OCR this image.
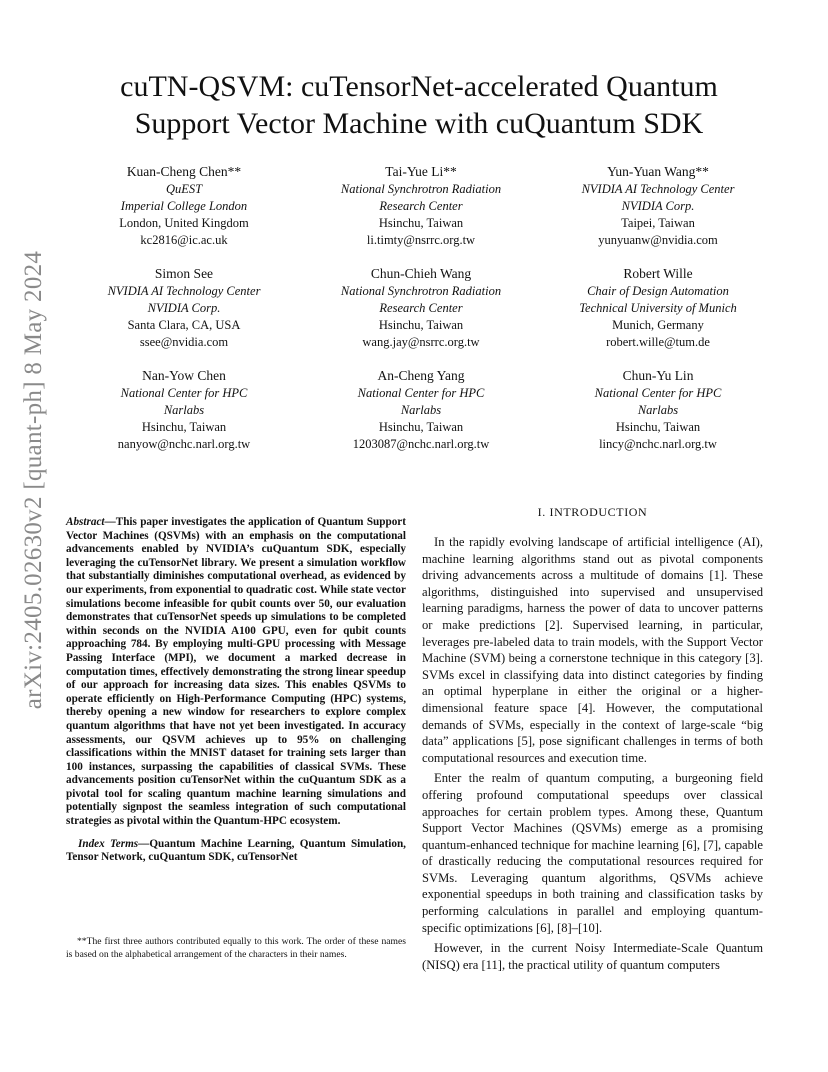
arXiv:2405.02630v2 [quant-ph] 8 May 2024
cuTN-QSVM: cuTensorNet-accelerated Quantum
Support Vector Machine with cuQuantum SDK
Kuan-Cheng Chen**
QuEST
Imperial College London
London, United Kingdom
kc2816@ic.ac.uk
Tai-Yue Li**
National Synchrotron Radiation
Research Center
Hsinchu, Taiwan
li.timty@nsrrc.org.tw
Yun-Yuan Wang**
NVIDIA AI Technology Center
NVIDIA Corp.
Taipei, Taiwan
yunyuanw@nvidia.com
Simon See
NVIDIA AI Technology Center
NVIDIA Corp.
Santa Clara, CA, USA
ssee@nvidia.com
Chun-Chieh Wang
National Synchrotron Radiation
Research Center
Hsinchu, Taiwan
wang.jay@nsrrc.org.tw
Robert Wille
Chair of Design Automation
Technical University of Munich
Munich, Germany
robert.wille@tum.de
Nan-Yow Chen
National Center for HPC
Narlabs
Hsinchu, Taiwan
nanyow@nchc.narl.org.tw
An-Cheng Yang
National Center for HPC
Narlabs
Hsinchu, Taiwan
1203087@nchc.narl.org.tw
Chun-Yu Lin
National Center for HPC
Narlabs
Hsinchu, Taiwan
lincy@nchc.narl.org.tw

Abstract—This paper investigates the application of Quantum Support Vector Machines (QSVMs) with an emphasis on the computational advancements enabled by NVIDIA’s cuQuantum SDK, especially leveraging the cuTensorNet library. We present a simulation workflow that substantially diminishes computational overhead, as evidenced by our experiments, from exponential to quadratic cost. While state vector simulations become infeasible for qubit counts over 50, our evaluation demonstrates that cuTensorNet speeds up simulations to be completed within seconds on the NVIDIA A100 GPU, even for qubit counts approaching 784. By employing multi-GPU processing with Message Passing Interface (MPI), we document a marked decrease in computation times, effectively demonstrating the strong linear speedup of our approach for increasing data sizes. This enables QSVMs to operate efficiently on High-Performance Computing (HPC) systems, thereby opening a new window for researchers to explore complex quantum algorithms that have not yet been investigated. In accuracy assessments, our QSVM achieves up to 95% on challenging classifications within the MNIST dataset for training sets larger than 100 instances, surpassing the capabilities of classical SVMs. These advancements position cuTensorNet within the cuQuantum SDK as a pivotal tool for scaling quantum machine learning simulations and potentially signpost the seamless integration of such computational strategies as pivotal within the Quantum-HPC ecosystem.

Index Terms—Quantum Machine Learning, Quantum Simulation, Tensor Network, cuQuantum SDK, cuTensorNet

**The first three authors contributed equally to this work. The order of these names is based on the alphabetical arrangement of the characters in their names.

I. INTRODUCTION

In the rapidly evolving landscape of artificial intelligence (AI), machine learning algorithms stand out as pivotal components driving advancements across a multitude of domains [1]. These algorithms, distinguished into supervised and unsupervised learning paradigms, harness the power of data to uncover patterns or make predictions [2]. Supervised learning, in particular, leverages pre-labeled data to train models, with the Support Vector Machine (SVM) being a cornerstone technique in this category [3]. SVMs excel in classifying data into distinct categories by finding an optimal hyperplane in either the original or a higher-dimensional feature space [4]. However, the computational demands of SVMs, especially in the context of large-scale “big data” applications [5], pose significant challenges in terms of both computational resources and execution time.

Enter the realm of quantum computing, a burgeoning field offering profound computational speedups over classical approaches for certain problem types. Among these, Quantum Support Vector Machines (QSVMs) emerge as a promising quantum-enhanced technique for machine learning [6], [7], capable of drastically reducing the computational resources required for SVMs. Leveraging quantum algorithms, QSVMs achieve exponential speedups in both training and classification tasks by performing calculations in parallel and employing quantum-specific optimizations [6], [8]–[10].

However, in the current Noisy Intermediate-Scale Quantum (NISQ) era [11], the practical utility of quantum computers
